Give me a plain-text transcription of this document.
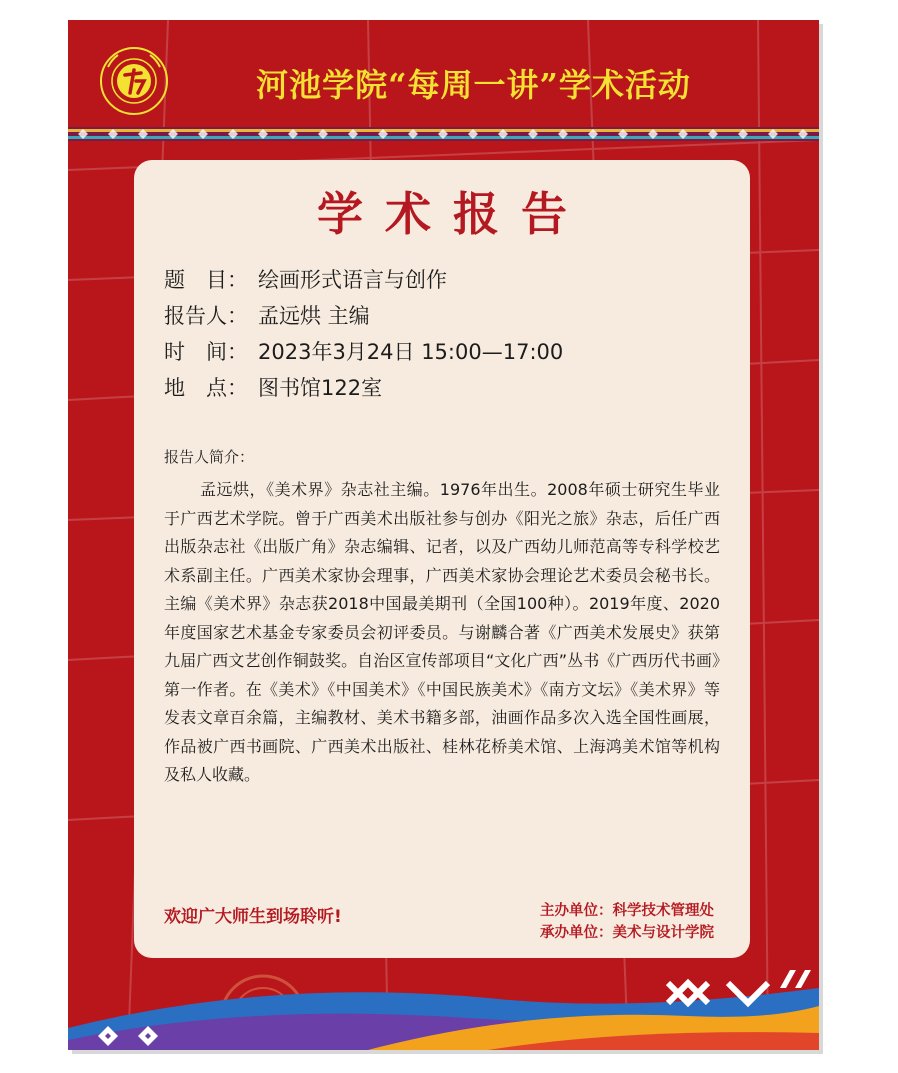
河池学院“每周一讲”学术活动
学术报告
题　目： 绘画形式语言与创作
报告人： 孟远烘 主编
时　间： 2023年3月24日 15:00—17:00
地　点： 图书馆122室
报告人简介：
孟远烘，《美术界》杂志社主编。1976年出生。2008年硕士研究生毕业于广西艺术学院。曾于广西美术出版社参与创办《阳光之旅》杂志，后任广西出版杂志社《出版广角》杂志编辑、记者，以及广西幼儿师范高等专科学校艺术系副主任。广西美术家协会理事，广西美术家协会理论艺术委员会秘书长。主编《美术界》杂志获2018中国最美期刊（全国100种）。2019年度、2020年度国家艺术基金专家委员会初评委员。与谢麟合著《广西美术发展史》获第九届广西文艺创作铜鼓奖。自治区宣传部项目“文化广西”丛书《广西历代书画》第一作者。在《美术》《中国美术》《中国民族美术》《南方文坛》《美术界》等发表文章百余篇，主编教材、美术书籍多部，油画作品多次入选全国性画展，作品被广西书画院、广西美术出版社、桂林花桥美术馆、上海鸿美术馆等机构及私人收藏。
欢迎广大师生到场聆听!	主办单位：科学技术管理处
承办单位：美术与设计学院
